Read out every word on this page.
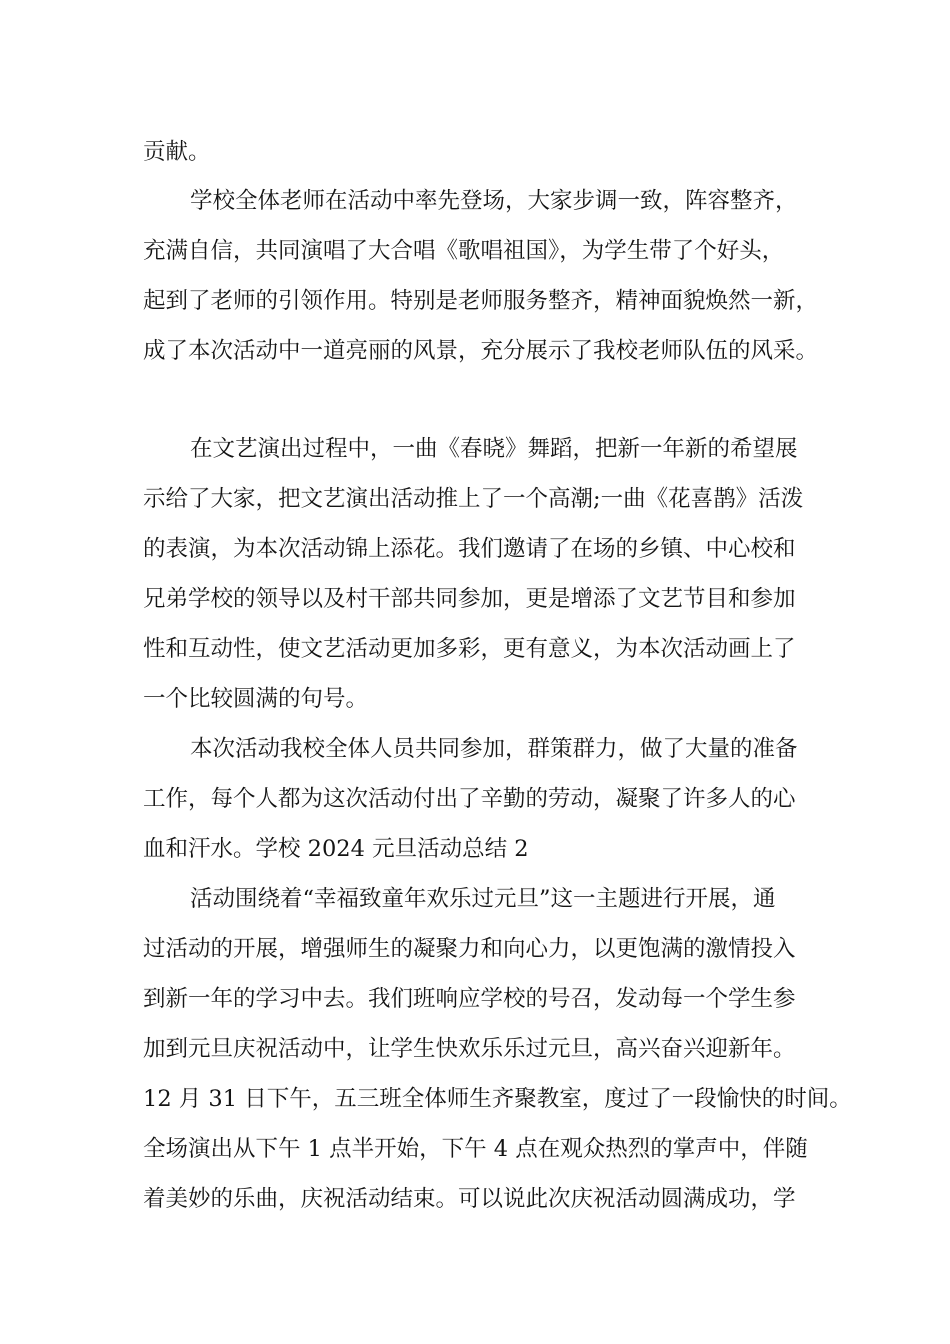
贡献。
学校全体老师在活动中率先登场，大家步调一致，阵容整齐，
充满自信，共同演唱了大合唱《歌唱祖国》，为学生带了个好头，
起到了老师的引领作用。特别是老师服务整齐，精神面貌焕然一新，
成了本次活动中一道亮丽的风景，充分展示了我校老师队伍的风采。
在文艺演出过程中，一曲《春晓》舞蹈，把新一年新的希望展
示给了大家，把文艺演出活动推上了一个高潮;一曲《花喜鹊》活泼
的表演，为本次活动锦上添花。我们邀请了在场的乡镇、中心校和
兄弟学校的领导以及村干部共同参加，更是增添了文艺节目和参加
性和互动性，使文艺活动更加多彩，更有意义，为本次活动画上了
一个比较圆满的句号。
本次活动我校全体人员共同参加，群策群力，做了大量的准备
工作，每个人都为这次活动付出了辛勤的劳动，凝聚了许多人的心
血和汗水。学校 2024 元旦活动总结 2
活动围绕着“幸福致童年欢乐过元旦”这一主题进行开展，通
过活动的开展，增强师生的凝聚力和向心力，以更饱满的激情投入
到新一年的学习中去。我们班响应学校的号召，发动每一个学生参
加到元旦庆祝活动中，让学生快欢乐乐过元旦，高兴奋兴迎新年。
12 月 31 日下午，五三班全体师生齐聚教室，度过了一段愉快的时间。
全场演出从下午 1 点半开始，下午 4 点在观众热烈的掌声中，伴随
着美妙的乐曲，庆祝活动结束。可以说此次庆祝活动圆满成功，学
